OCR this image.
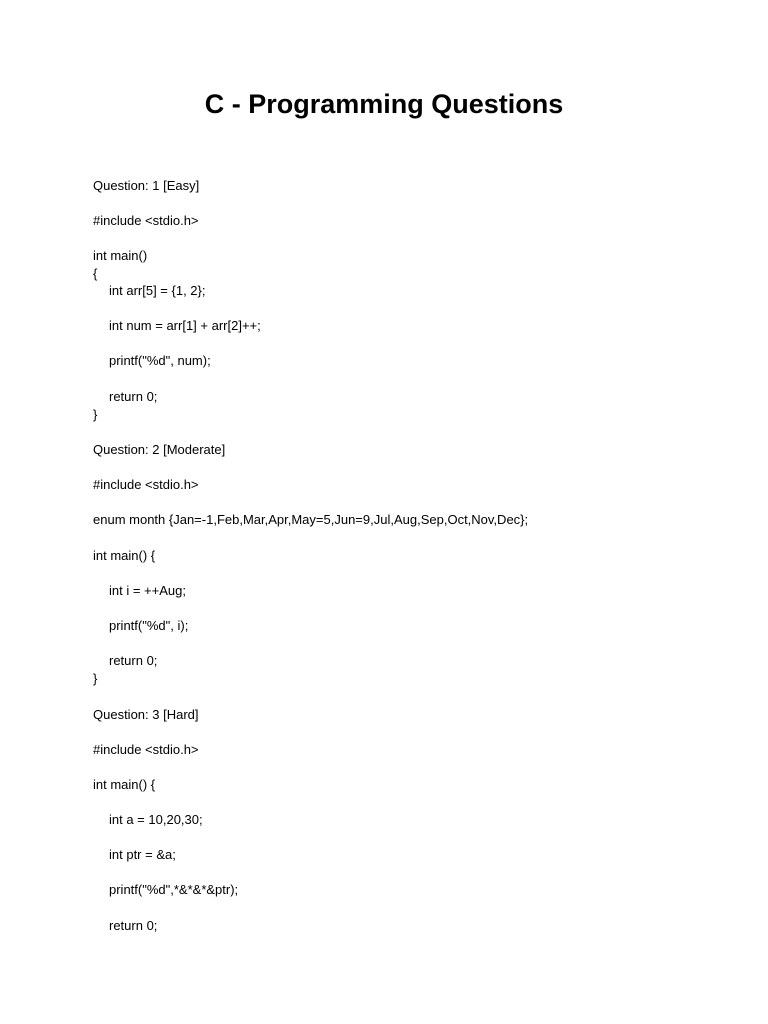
C - Programming Questions
Question: 1 [Easy]
#include <stdio.h>
int main()
{
int arr[5] = {1, 2};
int num = arr[1] + arr[2]++;
printf("%d", num);
return 0;
}
Question: 2 [Moderate]
#include <stdio.h>
enum month {Jan=-1,Feb,Mar,Apr,May=5,Jun=9,Jul,Aug,Sep,Oct,Nov,Dec};
int main() {
int i = ++Aug;
printf("%d", i);
return 0;
}
Question: 3 [Hard]
#include <stdio.h>
int main() {
int a = 10,20,30;
int ptr = &a;
printf("%d",*&*&*&ptr);
return 0;
